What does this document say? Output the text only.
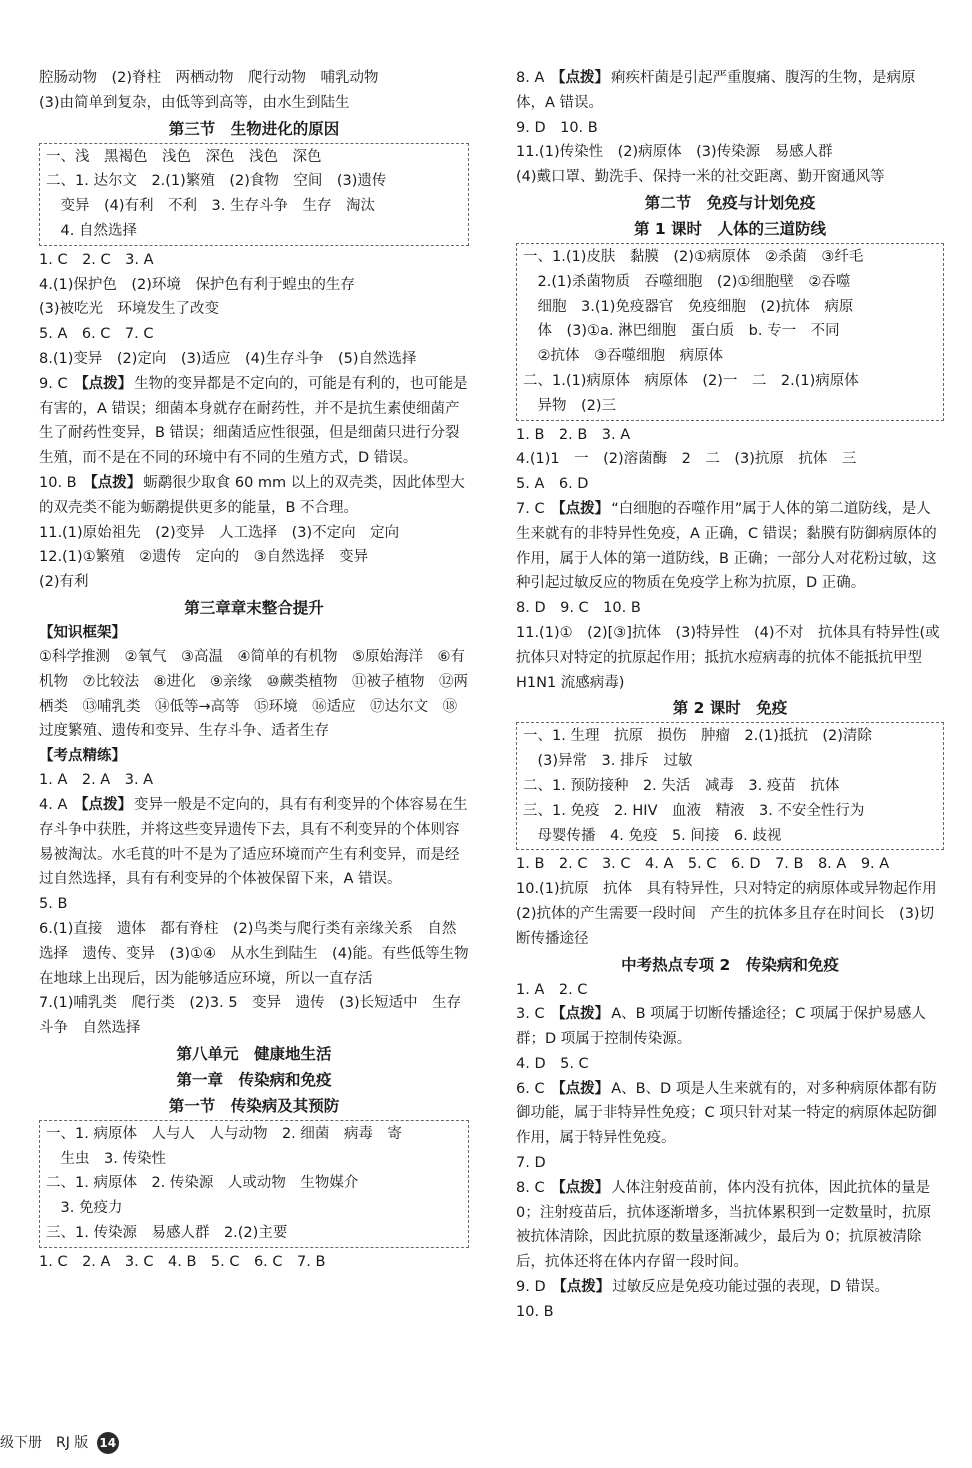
腔肠动物　(2)脊柱　两栖动物　爬行动物　哺乳动物

(3)由简单到复杂，由低等到高等，由水生到陆生

第三节　生物进化的原因

一、浅　黑褐色　浅色　深色　浅色　深色

二、1. 达尔文　2.(1)繁殖　(2)食物　空间　(3)遗传

　变异　(4)有利　不利　3. 生存斗争　生存　淘汰

　4. 自然选择

1. C　2. C　3. A

4.(1)保护色　(2)环境　保护色有利于蝗虫的生存

(3)被吃光　环境发生了改变

5. A　6. C　7. C

8.(1)变异　(2)定向　(3)适应　(4)生存斗争　(5)自然选择

9. C 【点拨】 生物的变异都是不定向的，可能是有利的，也可能是有害的，A 错误；细菌本身就存在耐药性，并不是抗生素使细菌产生了耐药性变异，B 错误；细菌适应性很强，但是细菌只进行分裂生殖，而不是在不同的环境中有不同的生殖方式，D 错误。

10. B 【点拨】 蛎鹬很少取食 60 mm 以上的双壳类，因此体型大的双壳类不能为蛎鹬提供更多的能量，B 不合理。

11.(1)原始祖先　(2)变异　人工选择　(3)不定向　定向

12.(1)①繁殖　②遗传　定向的　③自然选择　变异

(2)有利

第三章章末整合提升
【知识框架】

①科学推测　②氧气　③高温　④简单的有机物　⑤原始海洋　⑥有机物　⑦比较法　⑧进化　⑨亲缘　⑩蕨类植物　⑪被子植物　⑫两栖类　⑬哺乳类　⑭低等→高等　⑮环境　⑯适应　⑰达尔文　⑱过度繁殖、遗传和变异、生存斗争、适者生存

【考点精练】

1. A　2. A　3. A

4. A 【点拨】 变异一般是不定向的，具有有利变异的个体容易在生存斗争中获胜，并将这些变异遗传下去，具有不利变异的个体则容易被淘汰。水毛茛的叶不是为了适应环境而产生有利变异，而是经过自然选择，具有有利变异的个体被保留下来，A 错误。

5. B

6.(1)直接　遗体　都有脊柱　(2)鸟类与爬行类有亲缘关系　自然选择　遗传、变异　(3)①④　从水生到陆生　(4)能。有些低等生物在地球上出现后，因为能够适应环境，所以一直存活

7.(1)哺乳类　爬行类　(2)3. 5　变异　遗传　(3)长短适中　生存斗争　自然选择

第八单元　健康地生活
第一章　传染病和免疫
第一节　传染病及其预防

一、1. 病原体　人与人　人与动物　2. 细菌　病毒　寄

　生虫　3. 传染性

二、1. 病原体　2. 传染源　人或动物　生物媒介

　3. 免疫力

三、1. 传染源　易感人群　2.(2)主要

1. C　2. A　3. C　4. B　5. C　6. C　7. B

8. A 【点拨】 痢疾杆菌是引起严重腹痛、腹泻的生物，是病原体，A 错误。

9. D　10. B

11.(1)传染性　(2)病原体　(3)传染源　易感人群

(4)戴口罩、勤洗手、保持一米的社交距离、勤开窗通风等

第二节　免疫与计划免疫
第 1 课时　人体的三道防线

一、1.(1)皮肤　黏膜　(2)①病原体　②杀菌　③纤毛

　2.(1)杀菌物质　吞噬细胞　(2)①细胞壁　②吞噬

　细胞　3.(1)免疫器官　免疫细胞　(2)抗体　病原

　体　(3)①a. 淋巴细胞　蛋白质　b. 专一　不同

　②抗体　③吞噬细胞　病原体

二、1.(1)病原体　病原体　(2)一　二　2.(1)病原体

　异物　(2)三

1. B　2. B　3. A

4.(1)1　一　(2)溶菌酶　2　二　(3)抗原　抗体　三

5. A　6. D

7. C 【点拨】 “白细胞的吞噬作用”属于人体的第二道防线，是人生来就有的非特异性免疫，A 正确，C 错误；黏膜有防御病原体的作用，属于人体的第一道防线，B 正确；一部分人对花粉过敏，这种引起过敏反应的物质在免疫学上称为抗原，D 正确。

8. D　9. C　10. B

11.(1)①　(2)[③]抗体　(3)特异性　(4)不对　抗体具有特异性(或抗体只对特定的抗原起作用；抵抗水痘病毒的抗体不能抵抗甲型 H1N1 流感病毒)

第 2 课时　免疫

一、1. 生理　抗原　损伤　肿瘤　2.(1)抵抗　(2)清除

　(3)异常　3. 排斥　过敏

二、1. 预防接种　2. 失活　减毒　3. 疫苗　抗体

三、1. 免疫　2. HIV　血液　精液　3. 不安全性行为

　母婴传播　4. 免疫　5. 间接　6. 歧视

1. B　2. C　3. C　4. A　5. C　6. D　7. B　8. A　9. A

10.(1)抗原　抗体　具有特异性，只对特定的病原体或异物起作用　(2)抗体的产生需要一段时间　产生的抗体多且存在时间长　(3)切断传播途径

中考热点专项 2　传染病和免疫

1. A　2. C

3. C 【点拨】 A、B 项属于切断传播途径；C 项属于保护易感人群；D 项属于控制传染源。

4. D　5. C

6. C 【点拨】 A、B、D 项是人生来就有的，对多种病原体都有防御功能，属于非特异性免疫；C 项只针对某一特定的病原体起防御作用，属于特异性免疫。

7. D

8. C 【点拨】 人体注射疫苗前，体内没有抗体，因此抗体的量是 0；注射疫苗后，抗体逐渐增多，当抗体累积到一定数量时，抗原被抗体清除，因此抗原的数量逐渐减少，最后为 0；抗原被清除后，抗体还将在体内存留一段时间。

9. D 【点拨】 过敏反应是免疫功能过强的表现，D 错误。

10. B

级下册　RJ 版 14
